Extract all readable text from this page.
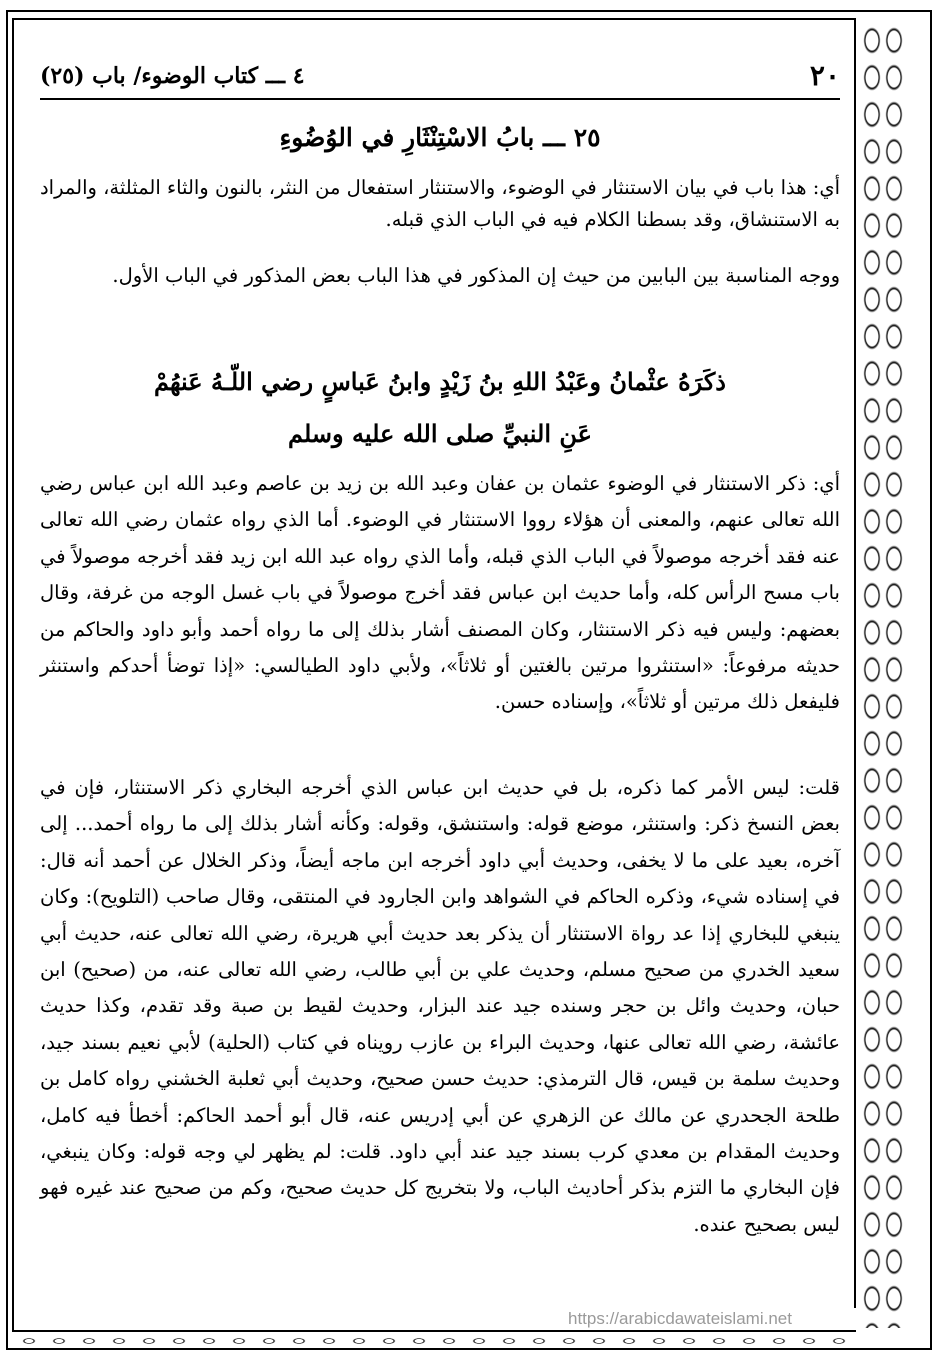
٢٠
٤ ـــ كتاب الوضوء/ باب (٢٥)
٢٥ ـــ بابُ الاسْتِنْثَارِ في الوُضُوءِ

أي: هذا باب في بيان الاستنثار في الوضوء، والاستنثار استفعال من النثر، بالنون والثاء المثلثة، والمراد به الاستنشاق، وقد بسطنا الكلام فيه في الباب الذي قبله.

ووجه المناسبة بين البابين من حيث إن المذكور في هذا الباب بعض المذكور في الباب الأول.

ذكَرَهُ عثْمانُ وعَبْدُ اللهِ بنُ زَيْدٍ وابنُ عَباسٍ رضي اللّـهُ عَنهُمْ
عَنِ النبيِّ صلى الله عليه وسلم

أي: ذكر الاستنثار في الوضوء عثمان بن عفان وعبد الله بن زيد بن عاصم وعبد الله ابن عباس رضي الله تعالى عنهم، والمعنى أن هؤلاء رووا الاستنثار في الوضوء. أما الذي رواه عثمان رضي الله تعالى عنه فقد أخرجه موصولاً في الباب الذي قبله، وأما الذي رواه عبد الله ابن زيد فقد أخرجه موصولاً في باب مسح الرأس كله، وأما حديث ابن عباس فقد أخرج موصولاً في باب غسل الوجه من غرفة، وقال بعضهم: وليس فيه ذكر الاستنثار، وكان المصنف أشار بذلك إلى ما رواه أحمد وأبو داود والحاكم من حديثه مرفوعاً: «استنثروا مرتين بالغتين أو ثلاثاً»، ولأبي داود الطيالسي: «إذا توضأ أحدكم واستنثر فليفعل ذلك مرتين أو ثلاثاً»، وإسناده حسن.

قلت: ليس الأمر كما ذكره، بل في حديث ابن عباس الذي أخرجه البخاري ذكر الاستنثار، فإن في بعض النسخ ذكر: واستنثر، موضع قوله: واستنشق، وقوله: وكأنه أشار بذلك إلى ما رواه أحمد... إلى آخره، بعيد على ما لا يخفى، وحديث أبي داود أخرجه ابن ماجه أيضاً، وذكر الخلال عن أحمد أنه قال: في إسناده شيء، وذكره الحاكم في الشواهد وابن الجارود في المنتقى، وقال صاحب (التلويح): وكان ينبغي للبخاري إذا عد رواة الاستنثار أن يذكر بعد حديث أبي هريرة، رضي الله تعالى عنه، حديث أبي سعيد الخدري من صحيح مسلم، وحديث علي بن أبي طالب، رضي الله تعالى عنه، من (صحيح) ابن حبان، وحديث وائل بن حجر وسنده جيد عند البزار، وحديث لقيط بن صبة وقد تقدم، وكذا حديث عائشة، رضي الله تعالى عنها، وحديث البراء بن عازب رويناه في كتاب (الحلية) لأبي نعيم بسند جيد، وحديث سلمة بن قيس، قال الترمذي: حديث حسن صحيح، وحديث أبي ثعلبة الخشني رواه كامل بن طلحة الجحدري عن مالك عن الزهري عن أبي إدريس عنه، قال أبو أحمد الحاكم: أخطأ فيه كامل، وحديث المقدام بن معدي كرب بسند جيد عند أبي داود. قلت: لم يظهر لي وجه قوله: وكان ينبغي، فإن البخاري ما التزم بذكر أحاديث الباب، ولا بتخريج كل حديث صحيح، وكم من صحيح عند غيره فهو ليس بصحيح عنده.

https://arabicdawateislami.net
